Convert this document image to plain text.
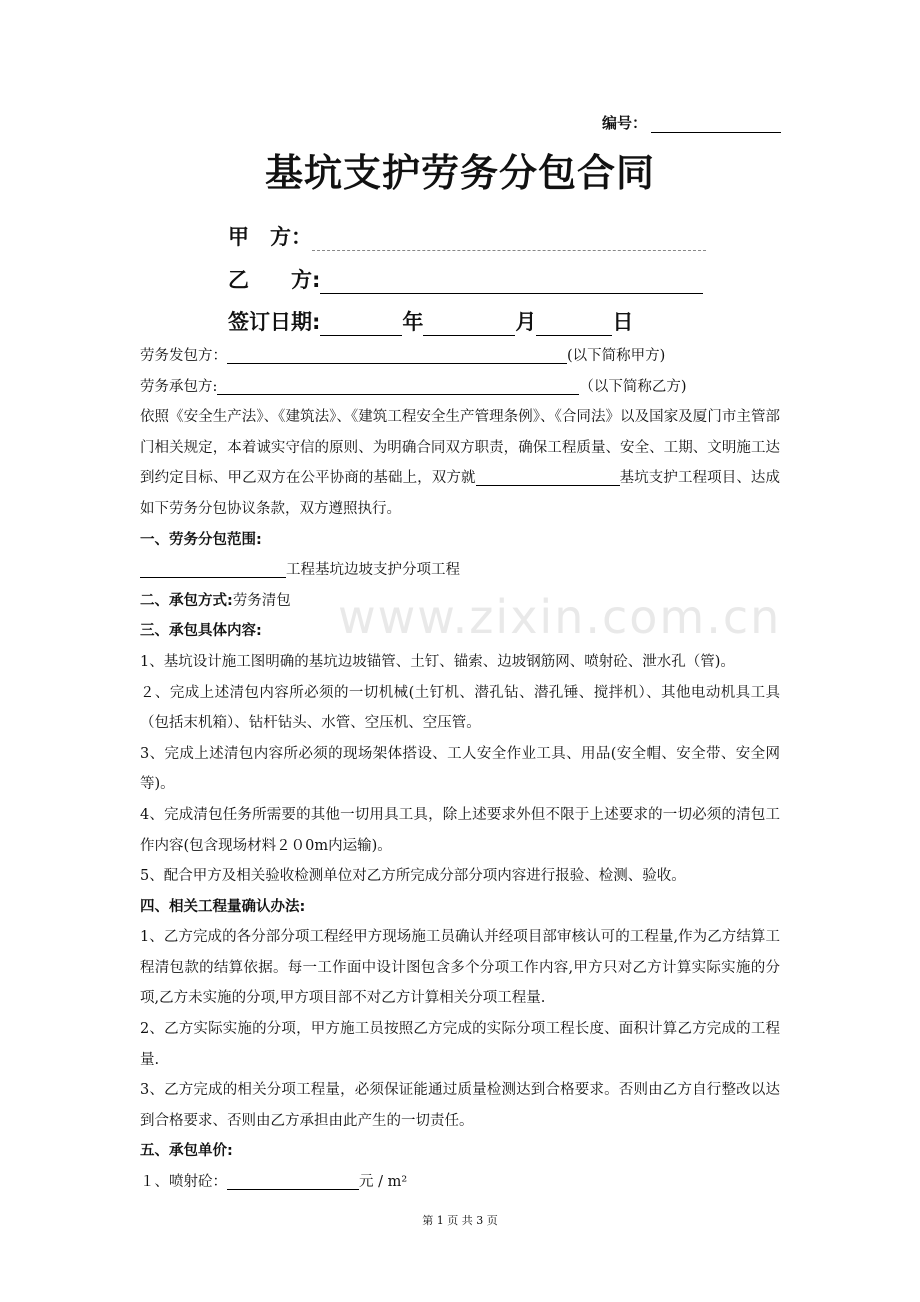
www.zixin.com.cn
编号：
基坑支护劳务分包合同
甲　方：
乙　　方:
签订日期:	年	月	日

劳务发包方：	(以下简称甲方)

劳务承包方:	（以下简称乙方)

依照《安全生产法》、《建筑法》、《建筑工程安全生产管理条例》、《合同法》以及国家及厦门市主管部门相关规定，本着诚实守信的原则、为明确合同双方职责，确保工程质量、安全、工期、文明施工达到约定目标、甲乙双方在公平协商的基础上，双方就	基坑支护工程项目、达成如下劳务分包协议条款，双方遵照执行。

一、劳务分包范围:

工程基坑边坡支护分项工程

二、承包方式:劳务清包

三、承包具体内容:

1、基坑设计施工图明确的基坑边坡锚管、土钉、锚索、边坡钢筋网、喷射砼、泄水孔（管)。

２、完成上述清包内容所必须的一切机械(土钉机、潜孔钻、潜孔锤、搅拌机）、其他电动机具工具（包括末机箱）、钻杆钻头、水管、空压机、空压管。

3、完成上述清包内容所必须的现场架体搭设、工人安全作业工具、用品(安全帽、安全带、安全网等)。

4、完成清包任务所需要的其他一切用具工具，除上述要求外但不限于上述要求的一切必须的清包工作内容(包含现场材料２０0m内运输)。

5、配合甲方及相关验收检测单位对乙方所完成分部分项内容进行报验、检测、验收。

四、相关工程量确认办法:

1、乙方完成的各分部分项工程经甲方现场施工员确认并经项目部审核认可的工程量,作为乙方结算工程清包款的结算依据。每一工作面中设计图包含多个分项工作内容,甲方只对乙方计算实际实施的分项,乙方未实施的分项,甲方项目部不对乙方计算相关分项工程量.

2、乙方实际实施的分项，甲方施工员按照乙方完成的实际分项工程长度、面积计算乙方完成的工程量.

3、乙方完成的相关分项工程量，必须保证能通过质量检测达到合格要求。否则由乙方自行整改以达到合格要求、否则由乙方承担由此产生的一切责任。

五、承包单价:

１、喷射砼：	元 / m²

第 1 页 共 3 页
